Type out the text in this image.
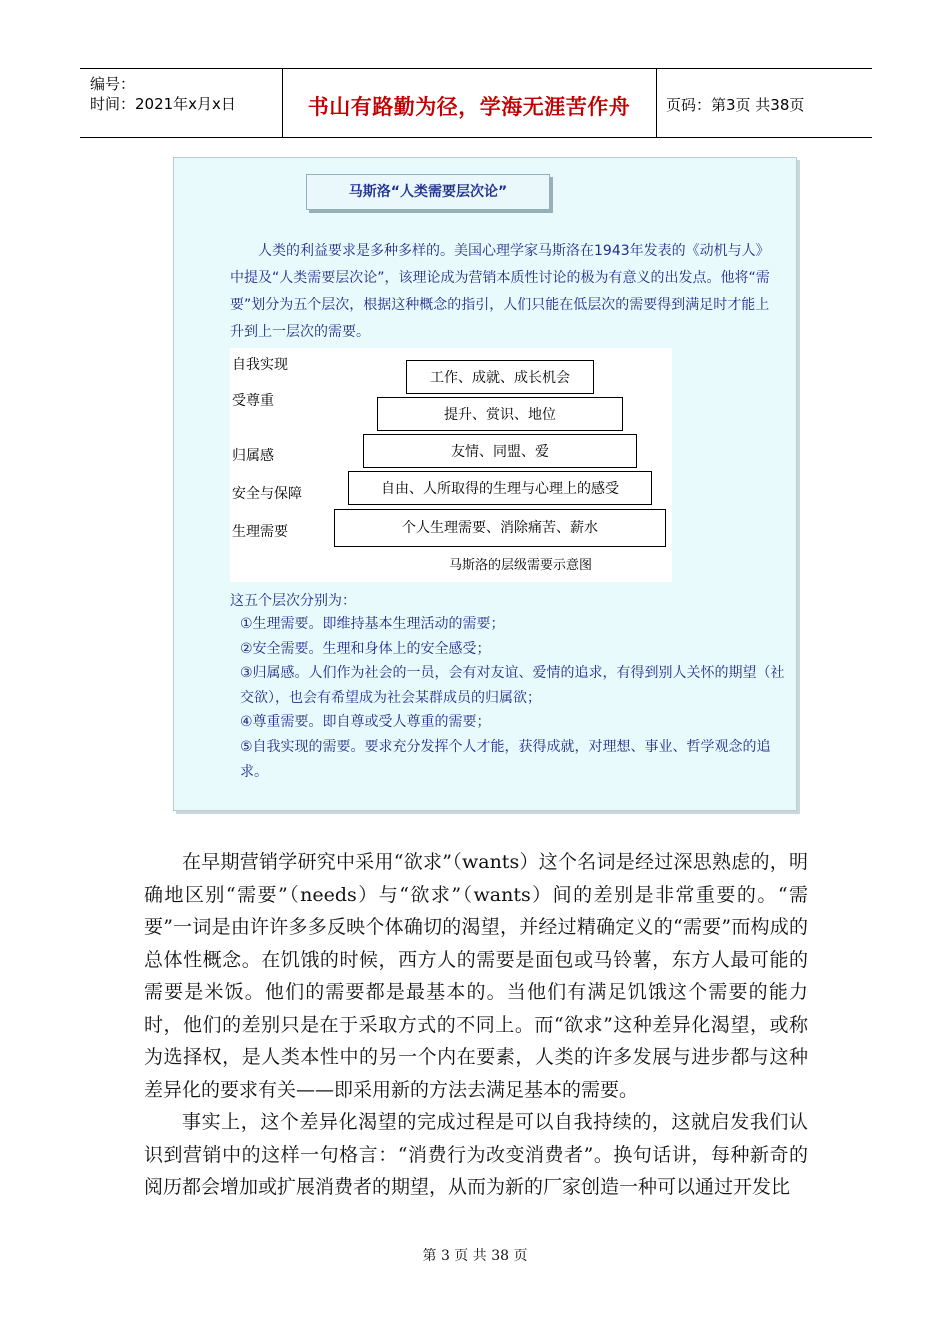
编号：
时间：2021年x月x日	书山有路勤为径，学海无涯苦作舟	页码：第3页 共38页
马斯洛“人类需要层次论”
人类的利益要求是多种多样的。美国心理学家马斯洛在1943年发表的《动机与人》中提及“人类需要层次论”，该理论成为营销本质性讨论的极为有意义的出发点。他将“需要”划分为五个层次，根据这种概念的指引，人们只能在低层次的需要得到满足时才能上升到上一层次的需要。
自我实现
受尊重
归属感
安全与保障
生理需要
工作、成就、成长机会
提升、赏识、地位
友情、同盟、爱
自由、人所取得的生理与心理上的感受
个人生理需要、消除痛苦、薪水
马斯洛的层级需要示意图
这五个层次分别为：
①生理需要。即维持基本生理活动的需要；
②安全需要。生理和身体上的安全感受；
③归属感。人们作为社会的一员，会有对友谊、爱情的追求，有得到别人关怀的期望（社交欲），也会有希望成为社会某群成员的归属欲；
④尊重需要。即自尊或受人尊重的需要；
⑤自我实现的需要。要求充分发挥个人才能，获得成就，对理想、事业、哲学观念的追求。

在早期营销学研究中采用“欲求”（wants）这个名词是经过深思熟虑的，明确地区别“需要”（needs）与“欲求”（wants）间的差别是非常重要的。“需要”一词是由许许多多反映个体确切的渴望，并经过精确定义的“需要”而构成的总体性概念。在饥饿的时候，西方人的需要是面包或马铃薯，东方人最可能的需要是米饭。他们的需要都是最基本的。当他们有满足饥饿这个需要的能力时，他们的差别只是在于采取方式的不同上。而“欲求”这种差异化渴望，或称为选择权，是人类本性中的另一个内在要素，人类的许多发展与进步都与这种差异化的要求有关——即采用新的方法去满足基本的需要。

事实上，这个差异化渴望的完成过程是可以自我持续的，这就启发我们认识到营销中的这样一句格言：“消费行为改变消费者”。换句话讲，每种新奇的阅历都会增加或扩展消费者的期望，从而为新的厂家创造一种可以通过开发比

第 3 页 共 38 页
